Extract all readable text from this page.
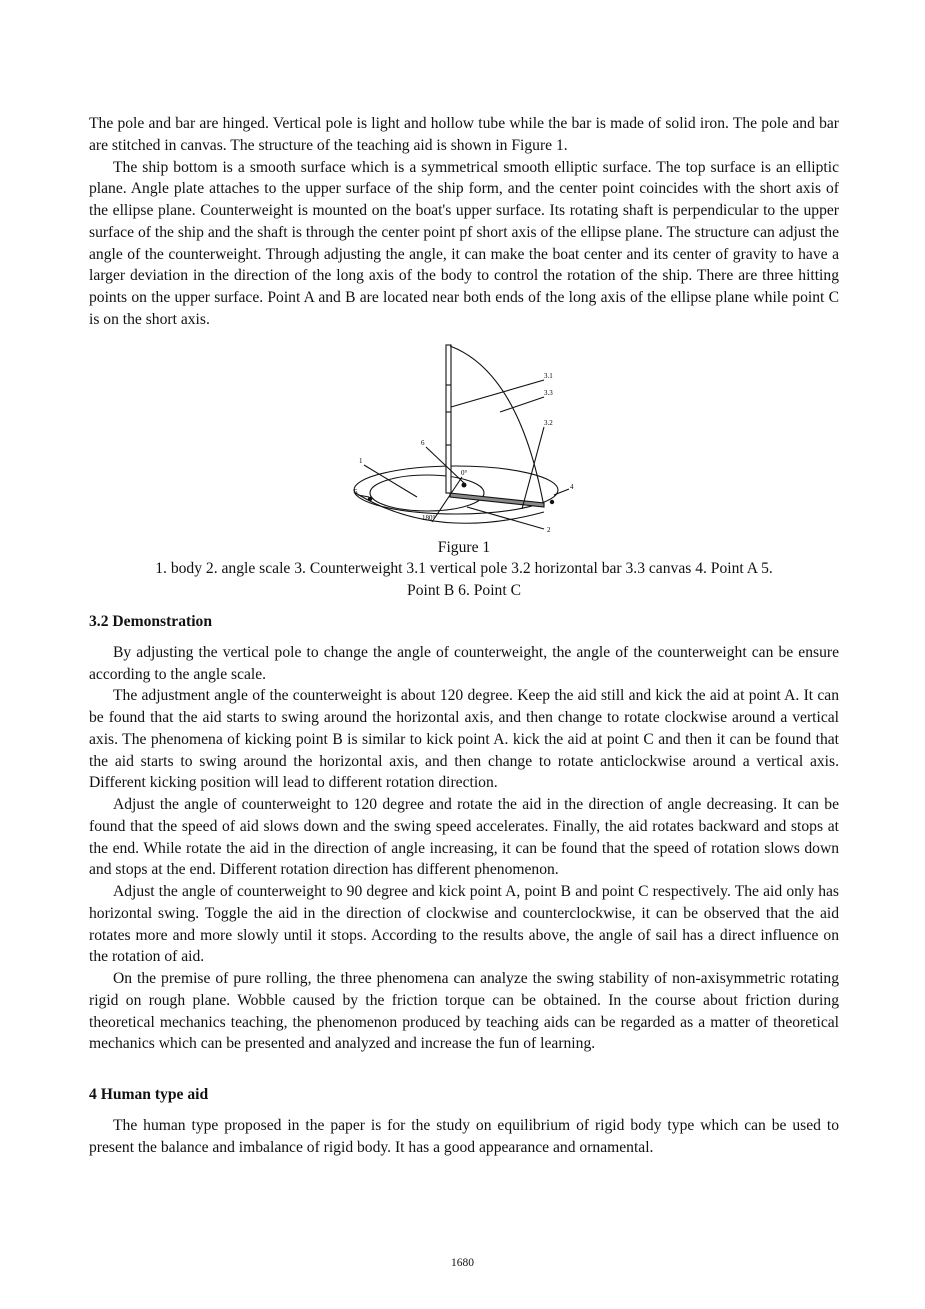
The pole and bar are hinged. Vertical pole is light and hollow tube while the bar is made of solid iron. The pole and bar are stitched in canvas. The structure of the teaching aid is shown in Figure 1.

The ship bottom is a smooth surface which is a symmetrical smooth elliptic surface. The top surface is an elliptic plane. Angle plate attaches to the upper surface of the ship form, and the center point coincides with the short axis of the ellipse plane. Counterweight is mounted on the boat's upper surface. Its rotating shaft is perpendicular to the upper surface of the ship and the shaft is through the center point pf short axis of the ellipse plane. The structure can adjust the angle of the counterweight. Through adjusting the angle, it can make the boat center and its center of gravity to have a larger deviation in the direction of the long axis of the body to control the rotation of the ship. There are three hitting points on the upper surface. Point A and B are located near both ends of the long axis of the ellipse plane while point C is on the short axis.

3.1
3.3
3.2
6
1
5
4
2
0°
180°
Figure 1
1. body 2. angle scale 3. Counterweight 3.1 vertical pole 3.2 horizontal bar 3.3 canvas 4. Point A 5.
Point B 6. Point C
3.2 Demonstration

By adjusting the vertical pole to change the angle of counterweight, the angle of the counterweight can be ensure according to the angle scale.

The adjustment angle of the counterweight is about 120 degree. Keep the aid still and kick the aid at point A. It can be found that the aid starts to swing around the horizontal axis, and then change to rotate clockwise around a vertical axis. The phenomena of kicking point B is similar to kick point A. kick the aid at point C and then it can be found that the aid starts to swing around the horizontal axis, and then change to rotate anticlockwise around a vertical axis. Different kicking position will lead to different rotation direction.

Adjust the angle of counterweight to 120 degree and rotate the aid in the direction of angle decreasing. It can be found that the speed of aid slows down and the swing speed accelerates. Finally, the aid rotates backward and stops at the end. While rotate the aid in the direction of angle increasing, it can be found that the speed of rotation slows down and stops at the end. Different rotation direction has different phenomenon.

Adjust the angle of counterweight to 90 degree and kick point A, point B and point C respectively. The aid only has horizontal swing. Toggle the aid in the direction of clockwise and counterclockwise, it can be observed that the aid rotates more and more slowly until it stops. According to the results above, the angle of sail has a direct influence on the rotation of aid.

On the premise of pure rolling, the three phenomena can analyze the swing stability of non-axisymmetric rotating rigid on rough plane. Wobble caused by the friction torque can be obtained. In the course about friction during theoretical mechanics teaching, the phenomenon produced by teaching aids can be regarded as a matter of theoretical mechanics which can be presented and analyzed and increase the fun of learning.

4 Human type aid

The human type proposed in the paper is for the study on equilibrium of rigid body type which can be used to present the balance and imbalance of rigid body. It has a good appearance and ornamental.

1680
